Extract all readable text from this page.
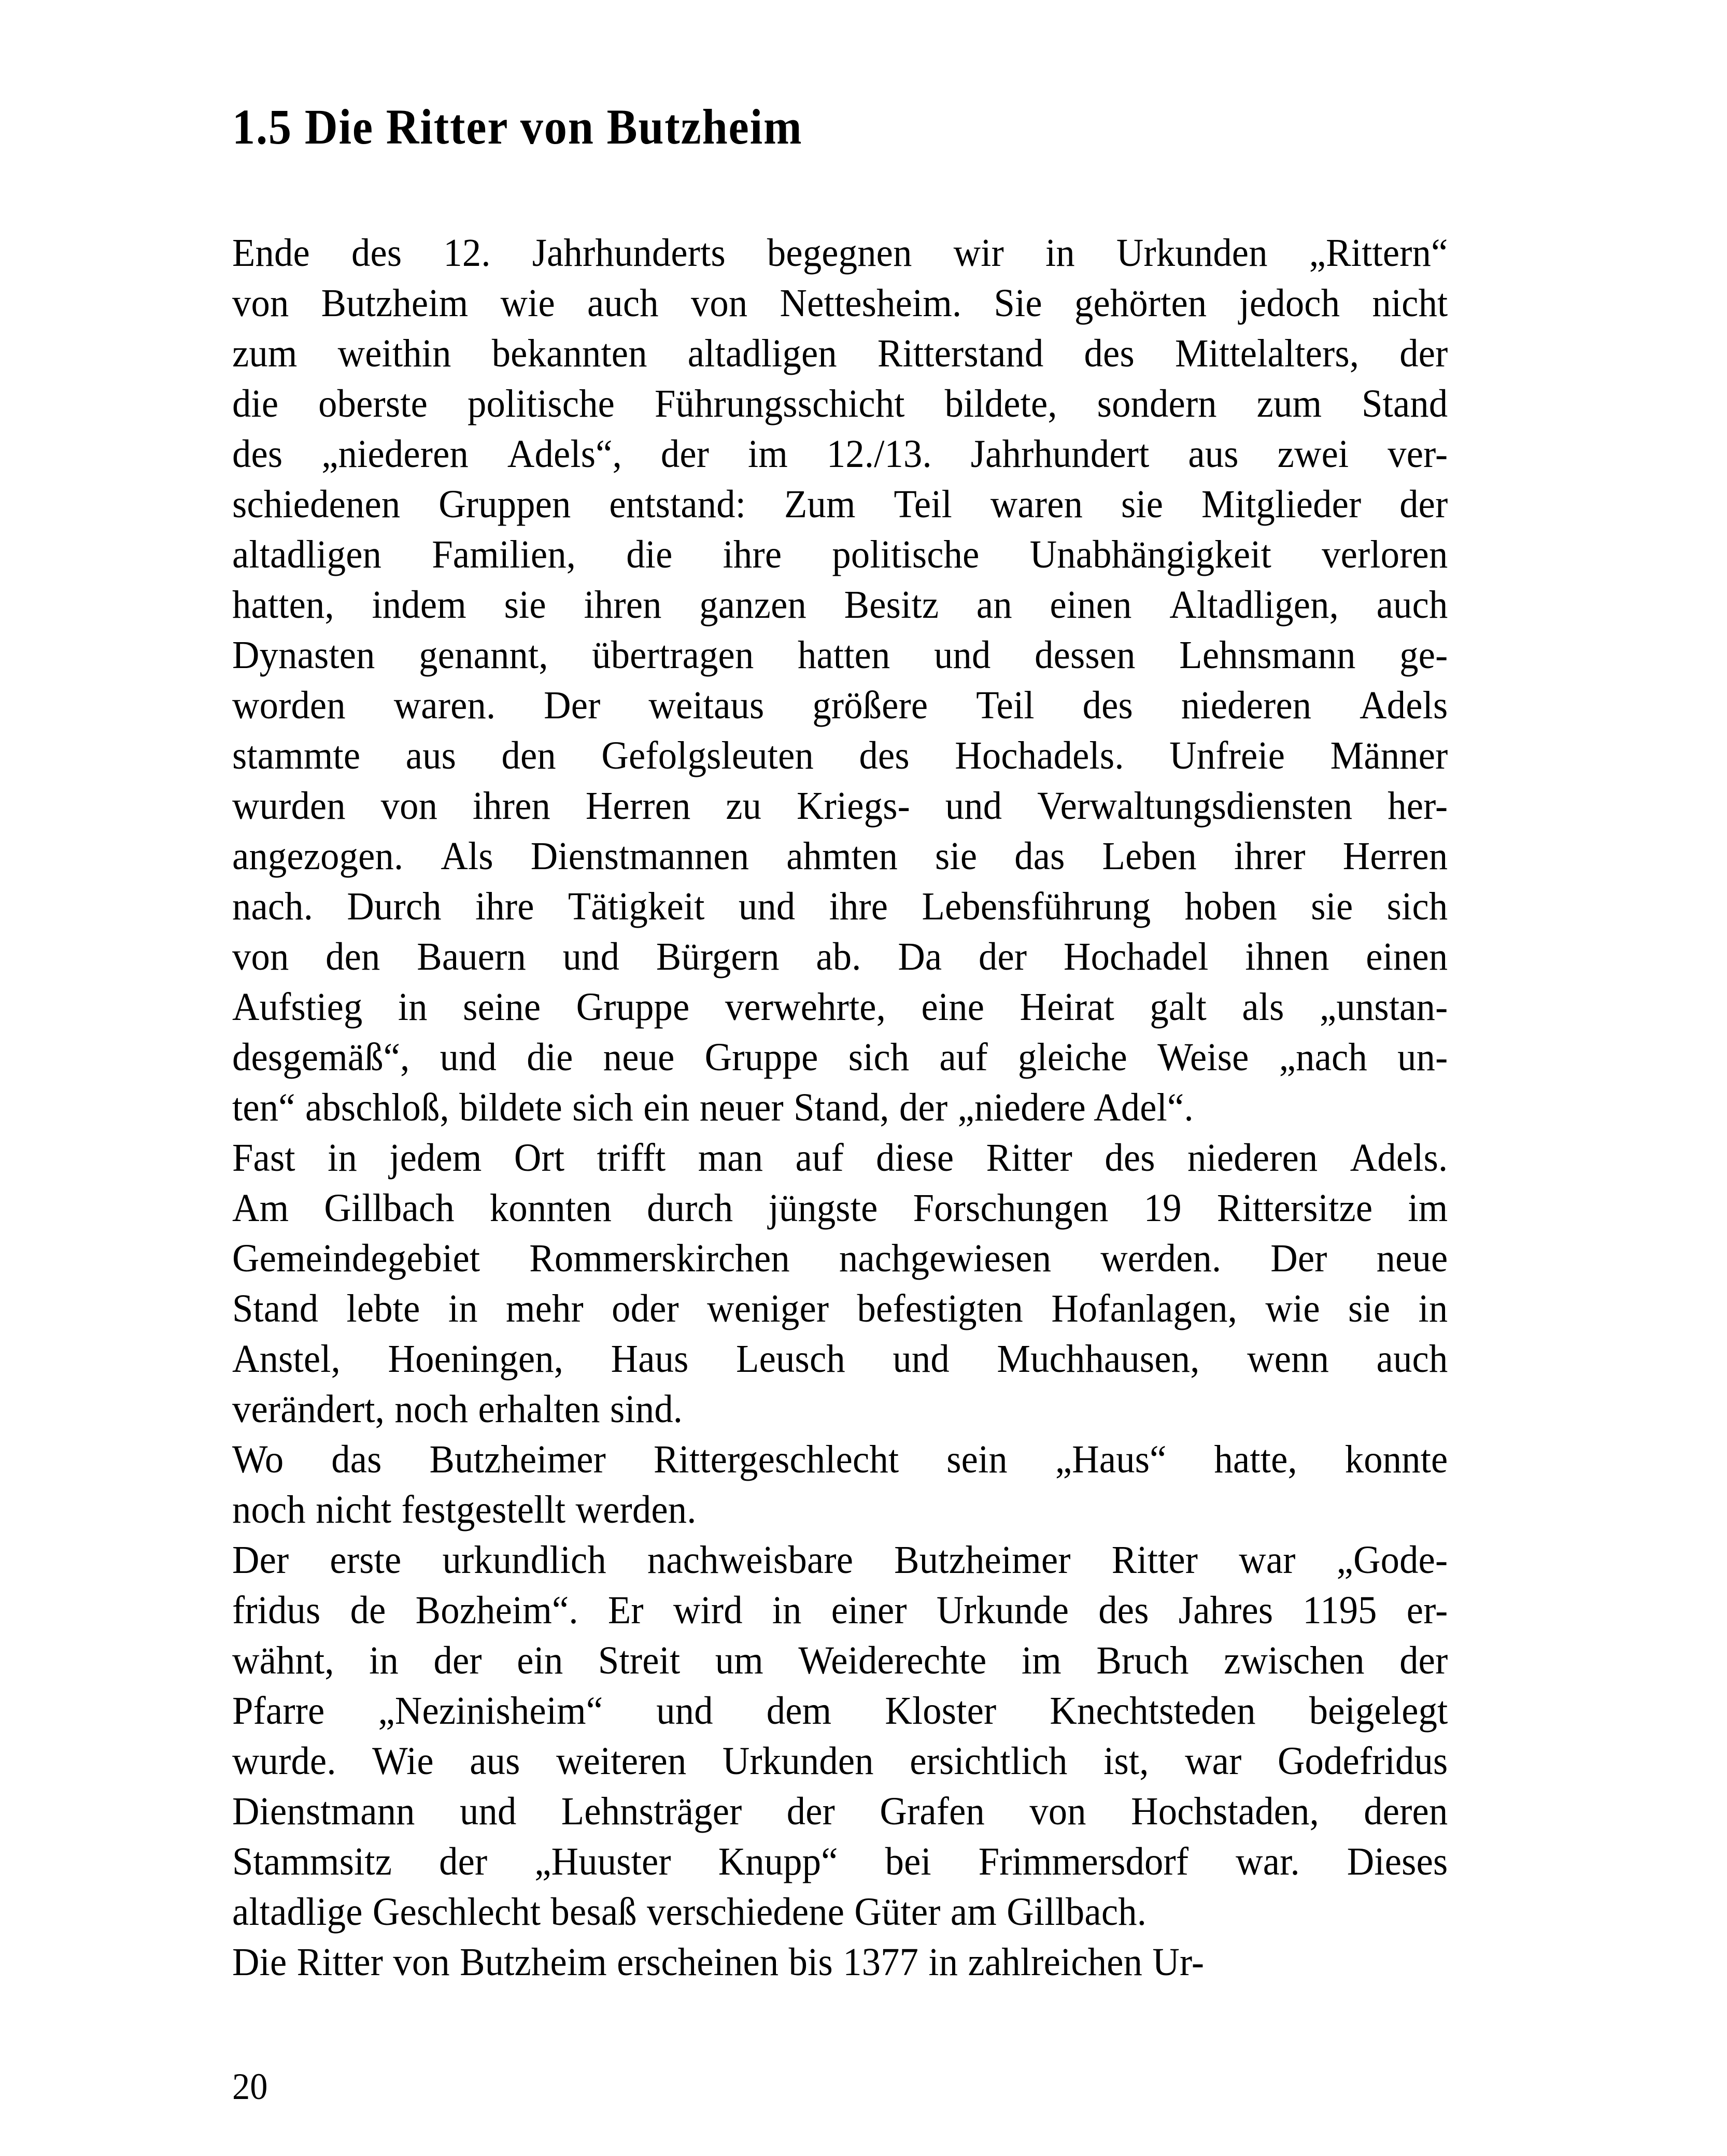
1.5 Die Ritter von Butzheim

Ende des 12. Jahrhunderts begegnen wir in Urkunden „Rittern“
von Butzheim wie auch von Nettesheim. Sie gehörten jedoch nicht
zum weithin bekannten altadligen Ritterstand des Mittelalters, der
die oberste politische Führungsschicht bildete, sondern zum Stand
des „niederen Adels“, der im 12./13. Jahrhundert aus zwei ver-
schiedenen Gruppen entstand: Zum Teil waren sie Mitglieder der
altadligen Familien, die ihre politische Unabhängigkeit verloren
hatten, indem sie ihren ganzen Besitz an einen Altadligen, auch
Dynasten genannt, übertragen hatten und dessen Lehnsmann ge-
worden waren. Der weitaus größere Teil des niederen Adels
stammte aus den Gefolgsleuten des Hochadels. Unfreie Männer
wurden von ihren Herren zu Kriegs- und Verwaltungsdiensten her-
angezogen. Als Dienstmannen ahmten sie das Leben ihrer Herren
nach. Durch ihre Tätigkeit und ihre Lebensführung hoben sie sich
von den Bauern und Bürgern ab. Da der Hochadel ihnen einen
Aufstieg in seine Gruppe verwehrte, eine Heirat galt als „unstan-
desgemäß“, und die neue Gruppe sich auf gleiche Weise „nach un-
ten“ abschloß, bildete sich ein neuer Stand, der „niedere Adel“.

Fast in jedem Ort trifft man auf diese Ritter des niederen Adels.
Am Gillbach konnten durch jüngste Forschungen 19 Rittersitze im
Gemeindegebiet Rommerskirchen nachgewiesen werden. Der neue
Stand lebte in mehr oder weniger befestigten Hofanlagen, wie sie in
Anstel, Hoeningen, Haus Leusch und Muchhausen, wenn auch
verändert, noch erhalten sind.

Wo das Butzheimer Rittergeschlecht sein „Haus“ hatte, konnte
noch nicht festgestellt werden.

Der erste urkundlich nachweisbare Butzheimer Ritter war „Gode-
fridus de Bozheim“. Er wird in einer Urkunde des Jahres 1195 er-
wähnt, in der ein Streit um Weiderechte im Bruch zwischen der
Pfarre „Nezinisheim“ und dem Kloster Knechtsteden beigelegt
wurde. Wie aus weiteren Urkunden ersichtlich ist, war Godefridus
Dienstmann und Lehnsträger der Grafen von Hochstaden, deren
Stammsitz der „Huuster Knupp“ bei Frimmersdorf war. Dieses
altadlige Geschlecht besaß verschiedene Güter am Gillbach.

Die Ritter von Butzheim erscheinen bis 1377 in zahlreichen Ur-

20
